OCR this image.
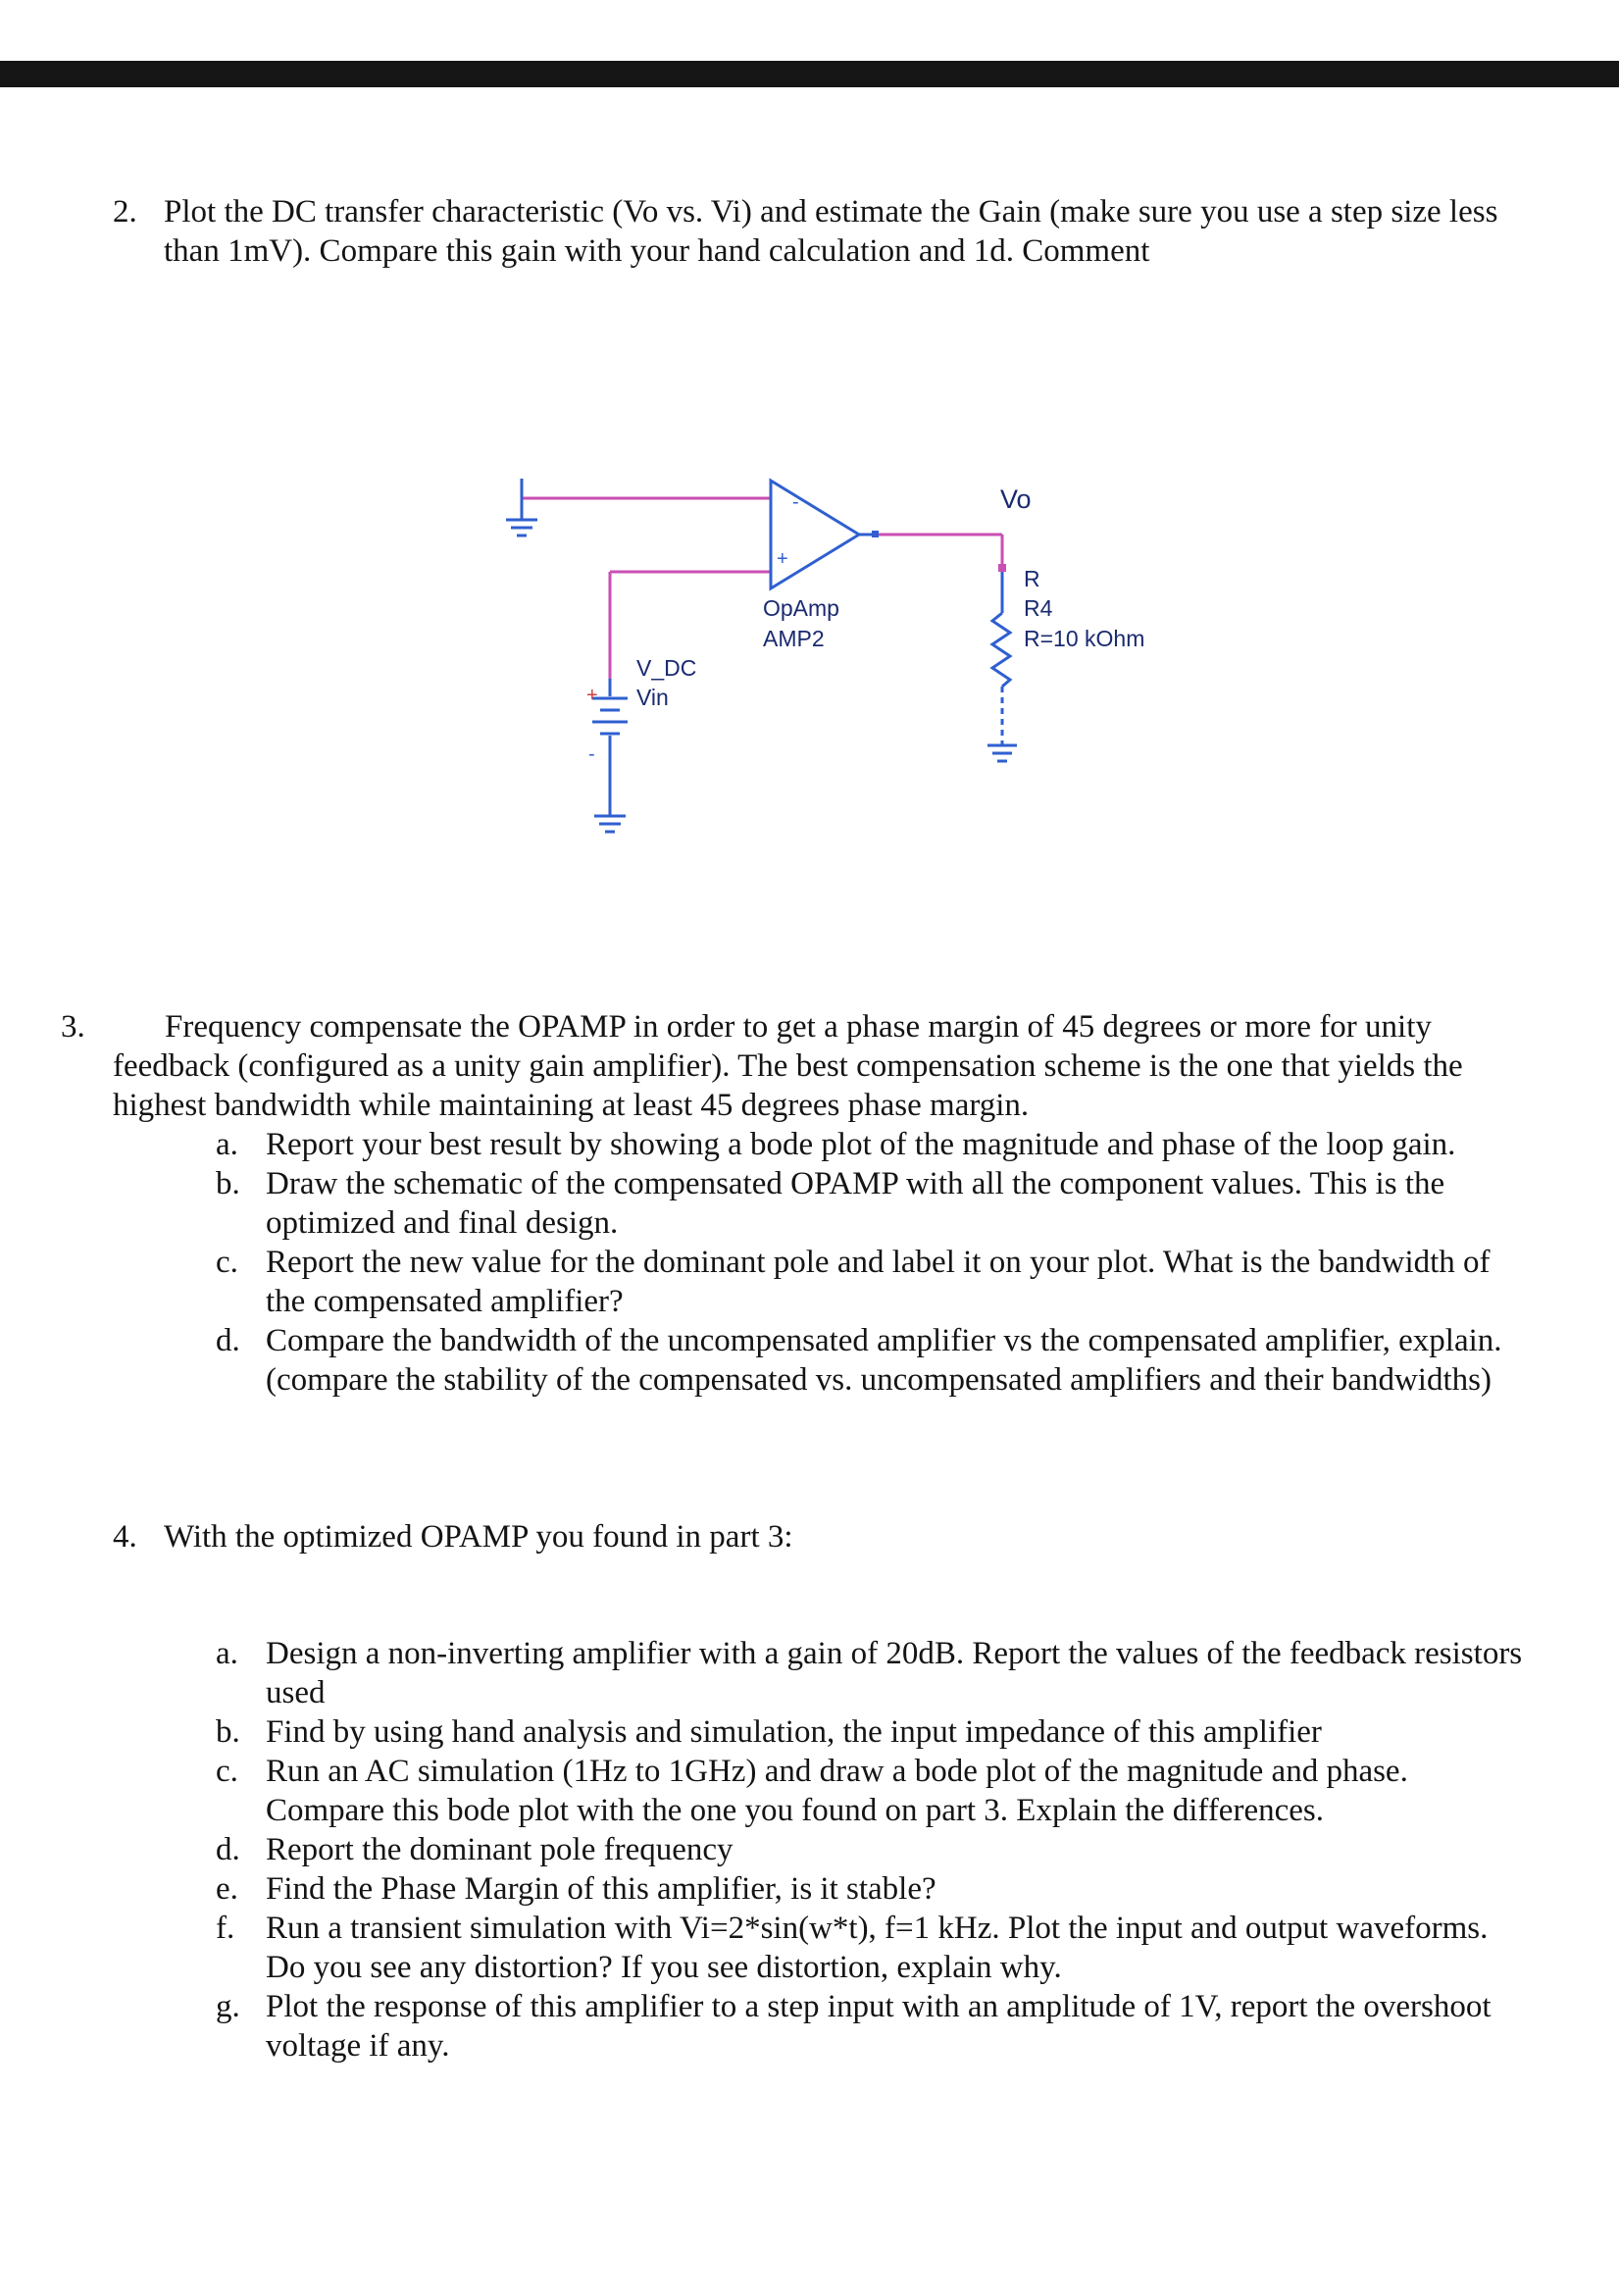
2. Plot the DC transfer characteristic (Vo vs. Vi) and estimate the Gain (make sure you use a step size less
than 1mV). Compare this gain with your hand calculation and 1d. Comment
-
+
OpAmp
AMP2
Vo
R
R4
R=10 kOhm
V_DC
Vin
+
-
3. Frequency compensate the OPAMP in order to get a phase margin of 45 degrees or more for unity
feedback (configured as a unity gain amplifier). The best compensation scheme is the one that yields the
highest bandwidth while maintaining at least 45 degrees phase margin.
a. Report your best result by showing a bode plot of the magnitude and phase of the loop gain.
b. Draw the schematic of the compensated OPAMP with all the component values. This is the
optimized and final design.
c. Report the new value for the dominant pole and label it on your plot. What is the bandwidth of
the compensated amplifier?
d. Compare the bandwidth of the uncompensated amplifier vs the compensated amplifier, explain.
(compare the stability of the compensated vs. uncompensated amplifiers and their bandwidths)
4. With the optimized OPAMP you found in part 3:
a. Design a non-inverting amplifier with a gain of 20dB. Report the values of the feedback resistors
used
b. Find by using hand analysis and simulation, the input impedance of this amplifier
c. Run an AC simulation (1Hz to 1GHz) and draw a bode plot of the magnitude and phase.
Compare this bode plot with the one you found on part 3. Explain the differences.
d. Report the dominant pole frequency
e. Find the Phase Margin of this amplifier, is it stable?
f. Run a transient simulation with Vi=2*sin(w*t), f=1 kHz. Plot the input and output waveforms.
Do you see any distortion? If you see distortion, explain why.
g. Plot the response of this amplifier to a step input with an amplitude of 1V, report the overshoot
voltage if any.
